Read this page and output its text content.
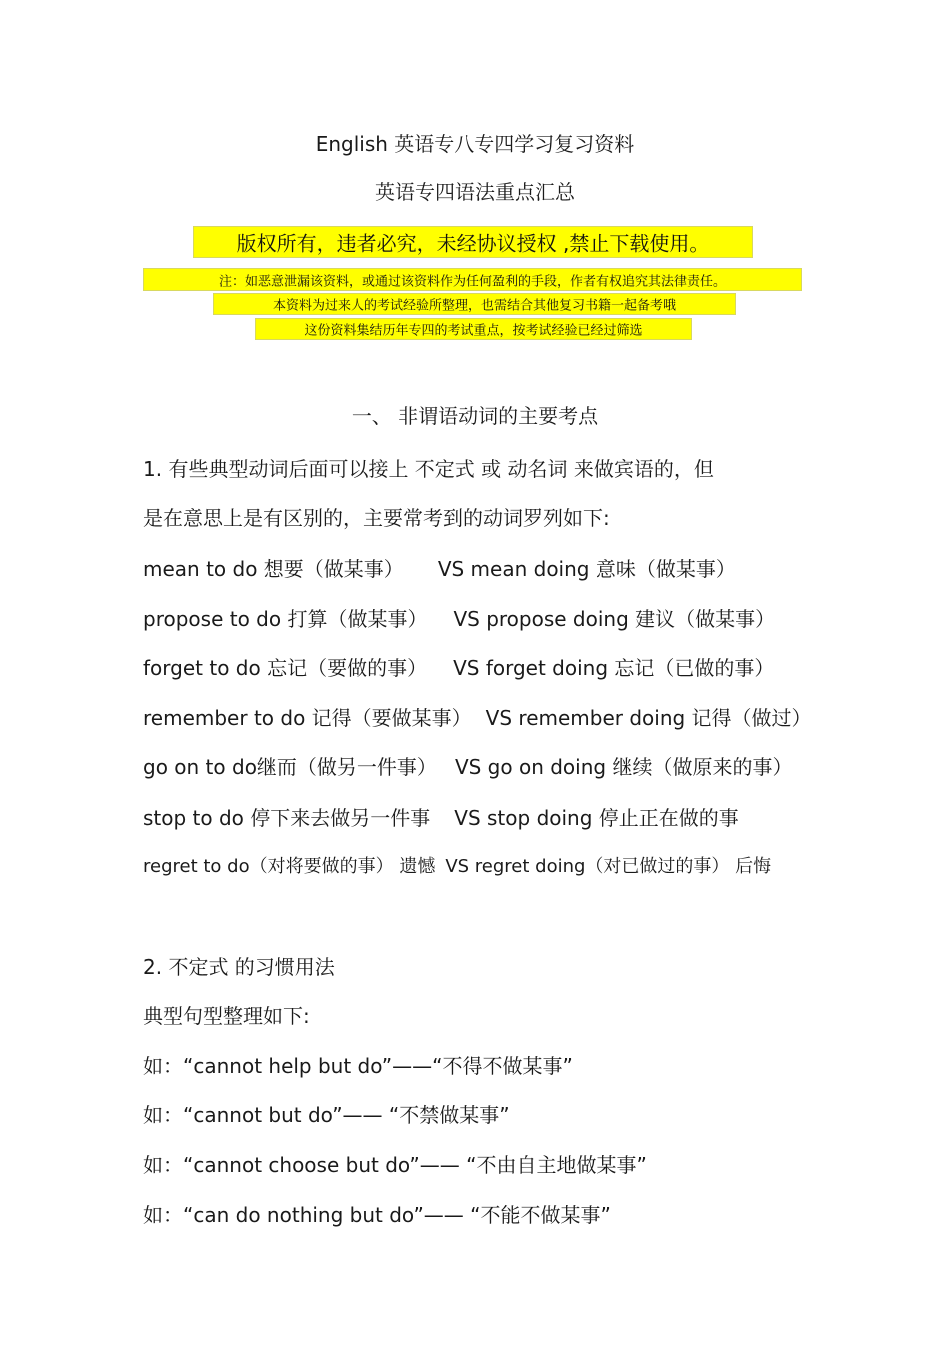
English 英语专八专四学习复习资料
英语专四语法重点汇总
版权所有，违者必究，未经协议授权 ,禁止下载使用。
注：如恶意泄漏该资料，或通过该资料作为任何盈利的手段，作者有权追究其法律责任。
本资料为过来人的考试经验所整理，也需结合其他复习书籍一起备考哦
这份资料集结历年专四的考试重点，按考试经验已经过筛选
一、 非谓语动词的主要考点
1. 有些典型动词后面可以接上 不定式 或 动名词 来做宾语的，但
是在意思上是有区别的，主要常考到的动词罗列如下:
mean to do 想要（做某事） VS mean doing 意味（做某事）
propose to do 打算（做某事） VS propose doing 建议（做某事）
forget to do 忘记（要做的事） VS forget doing 忘记（已做的事）
remember to do 记得（要做某事） VS remember doing 记得（做过）
go on to do继而（做另一件事） VS go on doing 继续（做原来的事）
stop to do 停下来去做另一件事 VS stop doing 停止正在做的事
regret to do（对将要做的事） 遗憾 VS regret doing（对已做过的事） 后悔
2. 不定式 的习惯用法
典型句型整理如下:
如：“cannot help but do”——“不得不做某事”
如：“cannot but do”—— “不禁做某事”
如：“cannot choose but do”—— “不由自主地做某事”
如：“can do nothing but do”—— “不能不做某事”
